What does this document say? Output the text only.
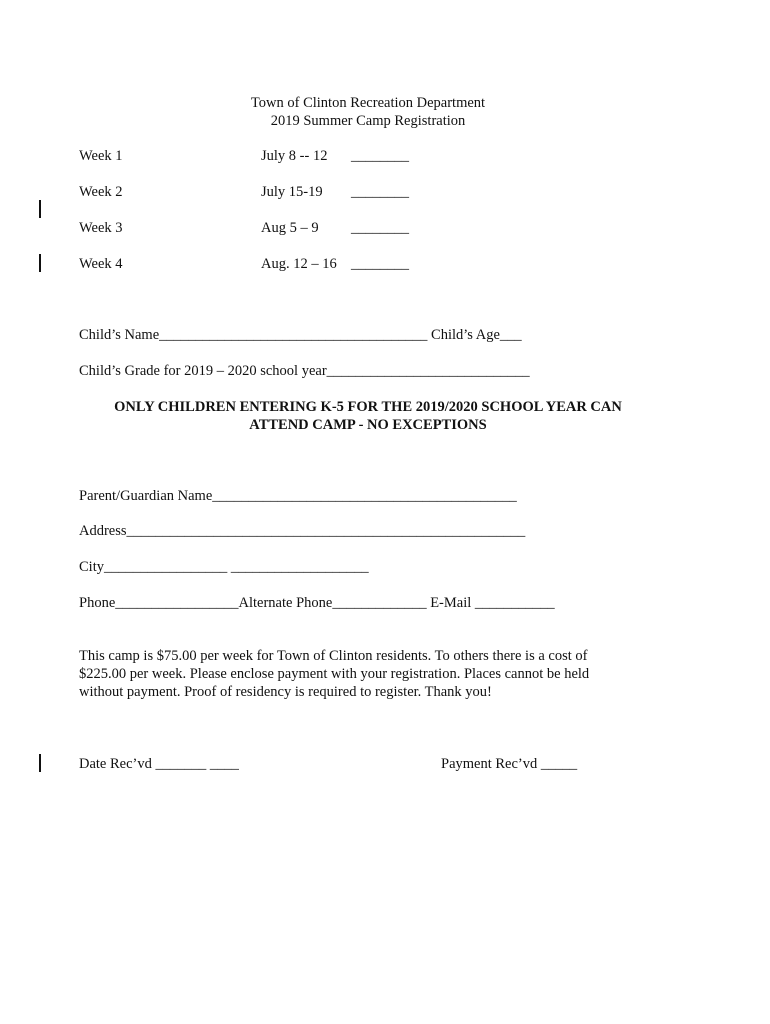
Town of Clinton Recreation Department
2019 Summer Camp Registration
Week 1	July 8 -- 12 ________
Week 2	July 15-19 ________
Week 3	Aug 5 – 9 ________
Week 4	Aug. 12 – 16 ________
Child’s Name_____________________________________ Child’s Age___
Child’s Grade for 2019 – 2020 school year____________________________
ONLY CHILDREN ENTERING K-5 FOR THE 2019/2020 SCHOOL YEAR CAN
ATTEND CAMP - NO EXCEPTIONS
Parent/Guardian Name__________________________________________
Address_______________________________________________________
City_________________ ___________________
Phone_________________Alternate Phone_____________ E-Mail ___________
This camp is $75.00 per week for Town of Clinton residents. To others there is a cost of
$225.00 per week. Please enclose payment with your registration. Places cannot be held
without payment. Proof of residency is required to register. Thank you!
Date Rec’vd _______ ____	Payment Rec’vd _____
